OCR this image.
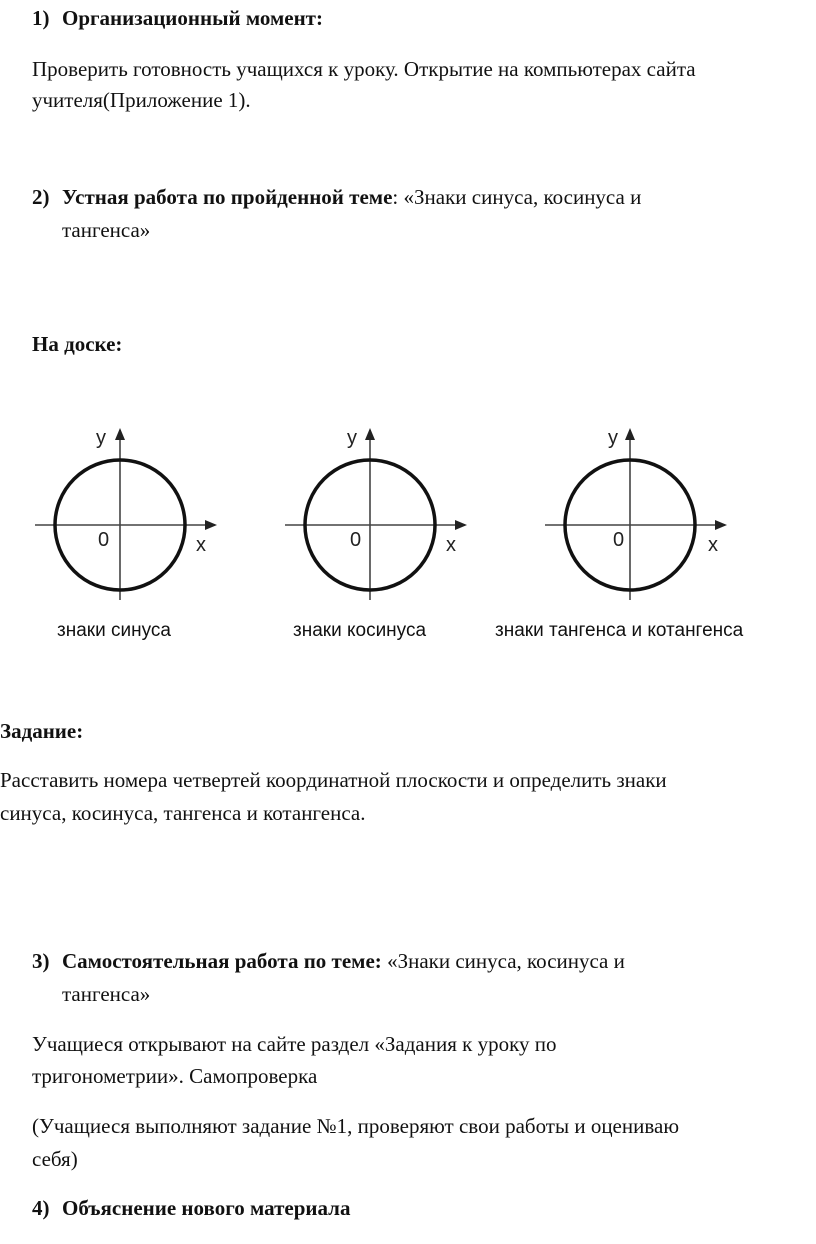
1) Организационный момент:
Проверить готовность учащихся к уроку. Открытие на компьютерах сайта
учителя(Приложение 1).
2) Устная работа по пройденной теме: «Знаки синуса, косинуса и
тангенса»
На доске:
y
0	x
y
0	x
y
0	x
знаки синуса	знаки косинуса	знаки тангенса и котангенса
Задание:
Расставить номера четвертей координатной плоскости и определить знаки
синуса, косинуса, тангенса и котангенса.
3) Самостоятельная работа по теме: «Знаки синуса, косинуса и
тангенса»
Учащиеся открывают на сайте раздел «Задания к уроку по
тригонометрии». Самопроверка
(Учащиеся выполняют задание №1, проверяют свои работы и оцениваю
себя)
4) Объяснение нового материала
